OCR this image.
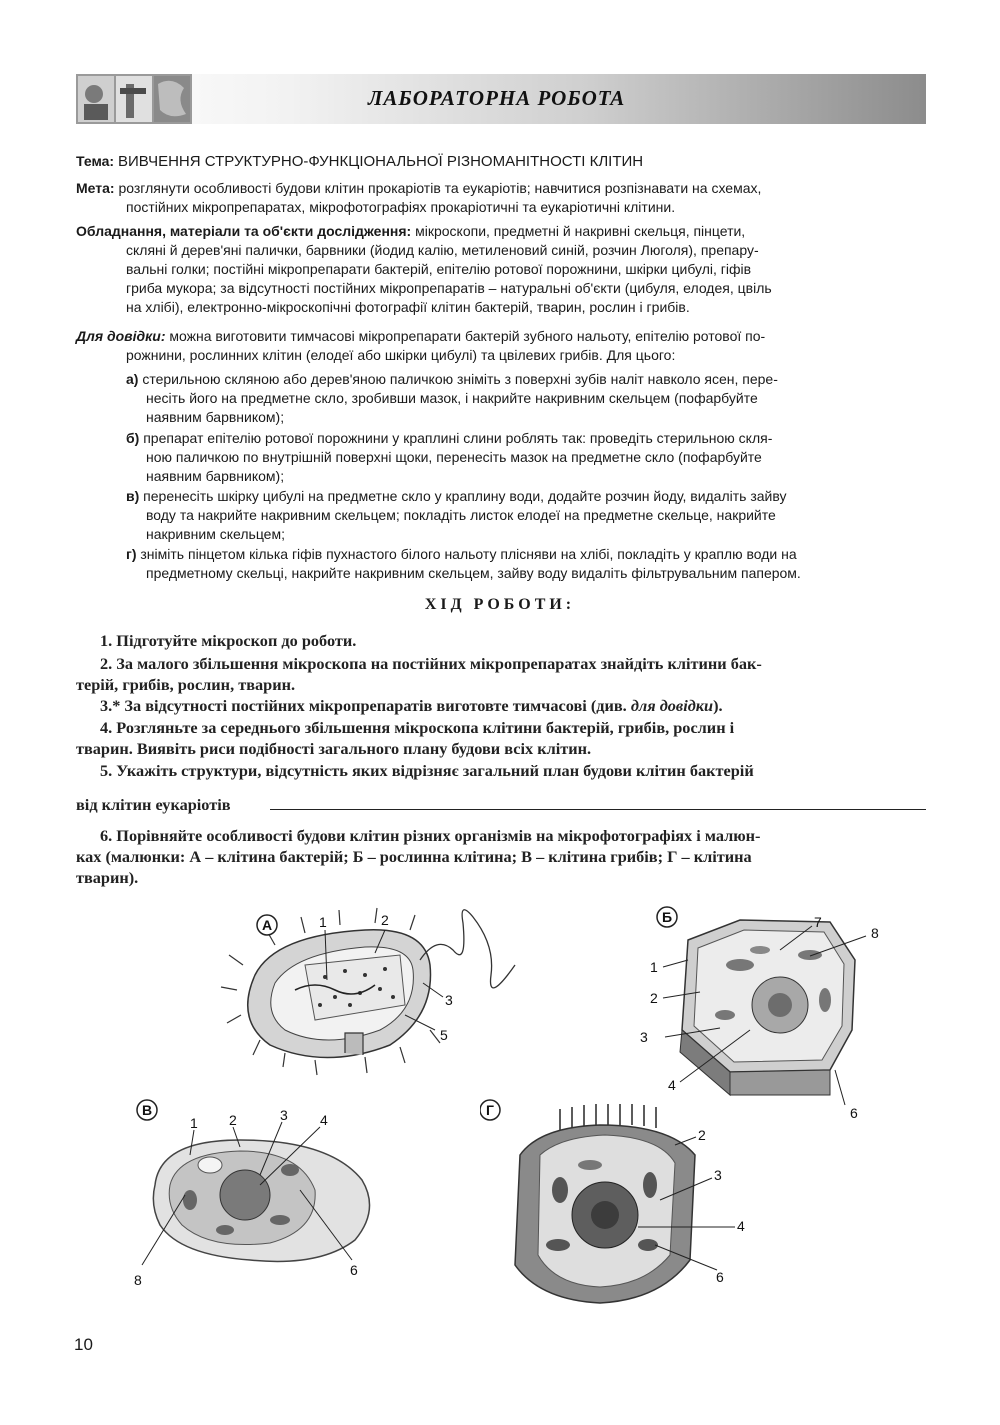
ЛАБОРАТОРНА РОБОТА
Тема: ВИВЧЕННЯ СТРУКТУРНО-ФУНКЦІОНАЛЬНОЇ РІЗНОМАНІТНОСТІ КЛІТИН
Мета: розглянути особливості будови клітин прокаріотів та еукаріотів; навчитися розпізнавати на схемах,
постійних мікропрепаратах, мікрофотографіях прокаріотичні та еукаріотичні клітини.
Обладнання, матеріали та об'єкти дослідження: мікроскопи, предметні й накривні скельця, пінцети,
скляні й дерев'яні палички, барвники (йодид калію, метиленовий синій, розчин Люголя), препару-
вальні голки; постійні мікропрепарати бактерій, епітелію ротової порожнини, шкірки цибулі, гіфів
гриба мукора; за відсутності постійних мікропрепаратів – натуральні об'єкти (цибуля, елодея, цвіль
на хлібі), електронно-мікроскопічні фотографії клітин бактерій, тварин, рослин і грибів.
Для довідки: можна виготовити тимчасові мікропрепарати бактерій зубного нальоту, епітелію ротової по-
рожнини, рослинних клітин (елодеї або шкірки цибулі) та цвілевих грибів. Для цього:
а) стерильною скляною або дерев'яною паличкою зніміть з поверхні зубів наліт навколо ясен, пере-
несіть його на предметне скло, зробивши мазок, і накрийте накривним скельцем (пофарбуйте
наявним барвником);
б) препарат епітелію ротової порожнини у краплині слини роблять так: проведіть стерильною скля-
ною паличкою по внутрішній поверхні щоки, перенесіть мазок на предметне скло (пофарбуйте
наявним барвником);
в) перенесіть шкірку цибулі на предметне скло у краплину води, додайте розчин йоду, видаліть зайву
воду та накрийте накривним скельцем; покладіть листок елодеї на предметне скельце, накрийте
накривним скельцем;
г) зніміть пінцетом кілька гіфів пухнастого білого нальоту плісняви на хлібі, покладіть у краплю води на
предметному скельці, накрийте накривним скельцем, зайву воду видаліть фільтрувальним папером.
ХІД РОБОТИ:
1. Підготуйте мікроскоп до роботи.
2. За малого збільшення мікроскопа на постійних мікропрепаратах знайдіть клітини бак-
терій, грибів, рослин, тварин.
3.* За відсутності постійних мікропрепаратів виготовте тимчасові (див. для довідки).
4. Розгляньте за середнього збільшення мікроскопа клітини бактерій, грибів, рослин і
тварин. Виявіть риси подібності загального плану будови всіх клітин.
5. Укажіть структури, відсутність яких відрізняє загальний план будови клітин бактерій
від клітин еукаріотів
6. Порівняйте особливості будови клітин різних організмів на мікрофотографіях і малюн-
ках (малюнки: А – клітина бактерій; Б – рослинна клітина; В – клітина грибів; Г – клітина
тварин).
А	1	2
3
5
Б	7
8
1
2
3
4
6
В
1 2	3 4
8
6
Г
2
3
4
6
10
